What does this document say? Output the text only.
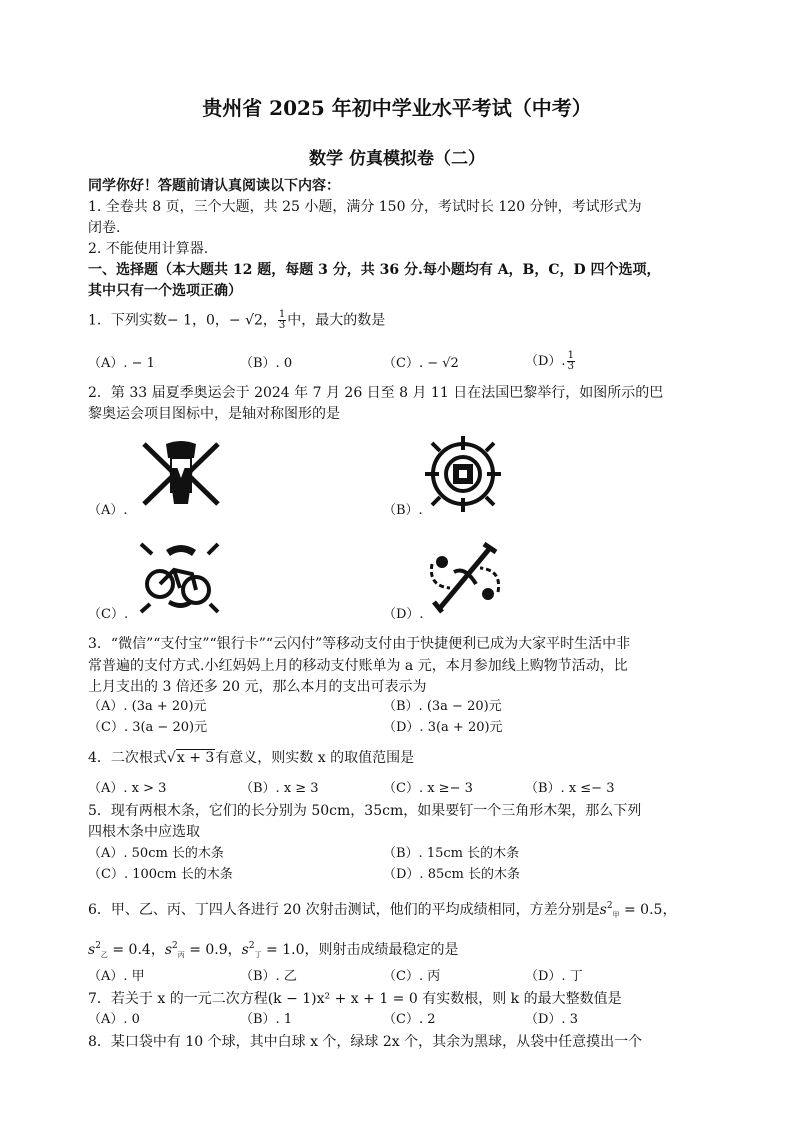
贵州省 2025 年初中学业水平考试（中考）
数学 仿真模拟卷（二）
同学你好！答题前请认真阅读以下内容：
1. 全卷共 8 页，三个大题，共 25 小题，满分 150 分，考试时长 120 分钟，考试形式为
闭卷.
2. 不能使用计算器.
一、选择题（本大题共 12 题，每题 3 分，共 36 分.每小题均有 A，B，C，D 四个选项，
其中只有一个选项正确）
1．下列实数− 1，0，− √2， $\frac{1}{3}$ 中，最大的数是
（A）. − 1	（B）. 0	（C）. − √2	（D）. $\frac{1}{3}$
2．第 33 届夏季奥运会于 2024 年 7 月 26 日至 8 月 11 日在法国巴黎举行，如图所示的巴
黎奥运会项目图标中，是轴对称图形的是
（A）.	（B）.
（C）.	（D）.
3．“微信”“支付宝”“银行卡”“云闪付”等移动支付由于快捷便利已成为大家平时生活中非
常普遍的支付方式.小红妈妈上月的移动支付账单为 a 元，本月参加线上购物节活动，比
上月支出的 3 倍还多 20 元，那么本月的支出可表示为
（A）. (3a + 20)元	（B）. (3a − 20)元
（C）. 3(a − 20)元	（D）. 3(a + 20)元
4．二次根式√x + 3有意义，则实数 x 的取值范围是
（A）. x > 3	（B）. x ≥ 3	（C）. x ≥− 3	（B）. x ≤− 3
5．现有两根木条，它们的长分别为 50cm，35cm，如果要钉一个三角形木架，那么下列
四根木条中应选取
（A）. 50cm 长的木条	（B）. 15cm 长的木条
（C）. 100cm 长的木条	（D）. 85cm 长的木条
6．甲、乙、丙、丁四人各进行 20 次射击测试，他们的平均成绩相同，方差分别是$s^2_甲 = 0.5$，
$s^2_乙 = 0.4$，$s^2_丙 = 0.9$，$s^2_丁 = 1.0$，则射击成绩最稳定的是
（A）. 甲	（B）. 乙	（C）. 丙	（D）. 丁
7．若关于 x 的一元二次方程(k − 1)x² + x + 1 = 0 有实数根，则 k 的最大整数值是
（A）. 0	（B）. 1	（C）. 2	（D）. 3
8．某口袋中有 10 个球，其中白球 x 个，绿球 2x 个，其余为黑球，从袋中任意摸出一个
